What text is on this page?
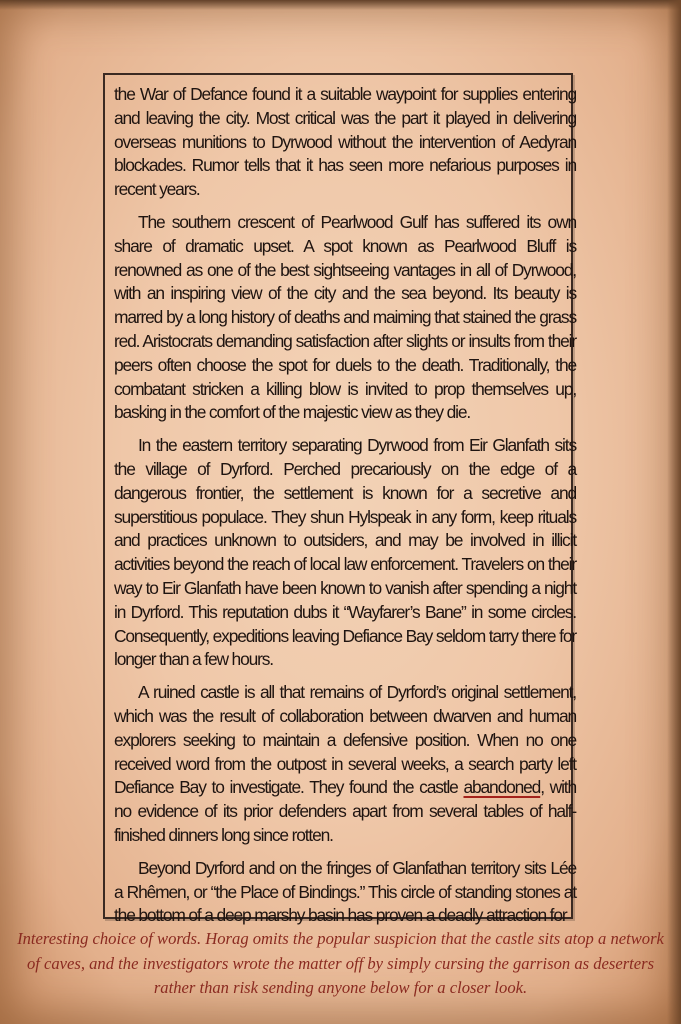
the War of Defance found it a suitable waypoint for supplies entering and leaving the city. Most critical was the part it played in delivering overseas munitions to Dyrwood without the intervention of Aedyran blockades. Rumor tells that it has seen more nefarious purposes in recent years.

The southern crescent of Pearlwood Gulf has suffered its own share of dramatic upset. A spot known as Pearlwood Bluff is renowned as one of the best sightseeing vantages in all of Dyrwood, with an inspiring view of the city and the sea beyond. Its beauty is marred by a long history of deaths and maiming that stained the grass red. Aristocrats demanding satisfaction after slights or insults from their peers often choose the spot for duels to the death. Traditionally, the combatant stricken a killing blow is invited to prop themselves up, basking in the comfort of the majestic view as they die.

In the eastern territory separating Dyrwood from Eir Glanfath sits the village of Dyrford. Perched precariously on the edge of a dangerous frontier, the settlement is known for a secretive and superstitious populace. They shun Hylspeak in any form, keep rituals and practices unknown to outsiders, and may be involved in illicit activities beyond the reach of local law enforcement. Travelers on their way to Eir Glanfath have been known to vanish after spending a night in Dyrford. This reputation dubs it “Wayfarer’s Bane” in some circles. Consequently, expeditions leaving Defiance Bay seldom tarry there for longer than a few hours.

A ruined castle is all that remains of Dyrford’s original settlement, which was the result of collaboration between dwarven and human explorers seeking to maintain a defensive position. When no one received word from the outpost in several weeks, a search party left Defiance Bay to investigate. They found the castle abandoned, with no evidence of its prior defenders apart from several tables of half-finished dinners long since rotten.

Beyond Dyrford and on the fringes of Glanfathan territory sits Lée a Rhêmen, or “the Place of Bindings.” This circle of standing stones at the bottom of a deep marshy basin has proven a deadly attraction for

Interesting choice of words. Horag omits the popular suspicion that the castle sits atop a network of caves, and the investigators wrote the matter off by simply cursing the garrison as deserters rather than risk sending anyone below for a closer look.
